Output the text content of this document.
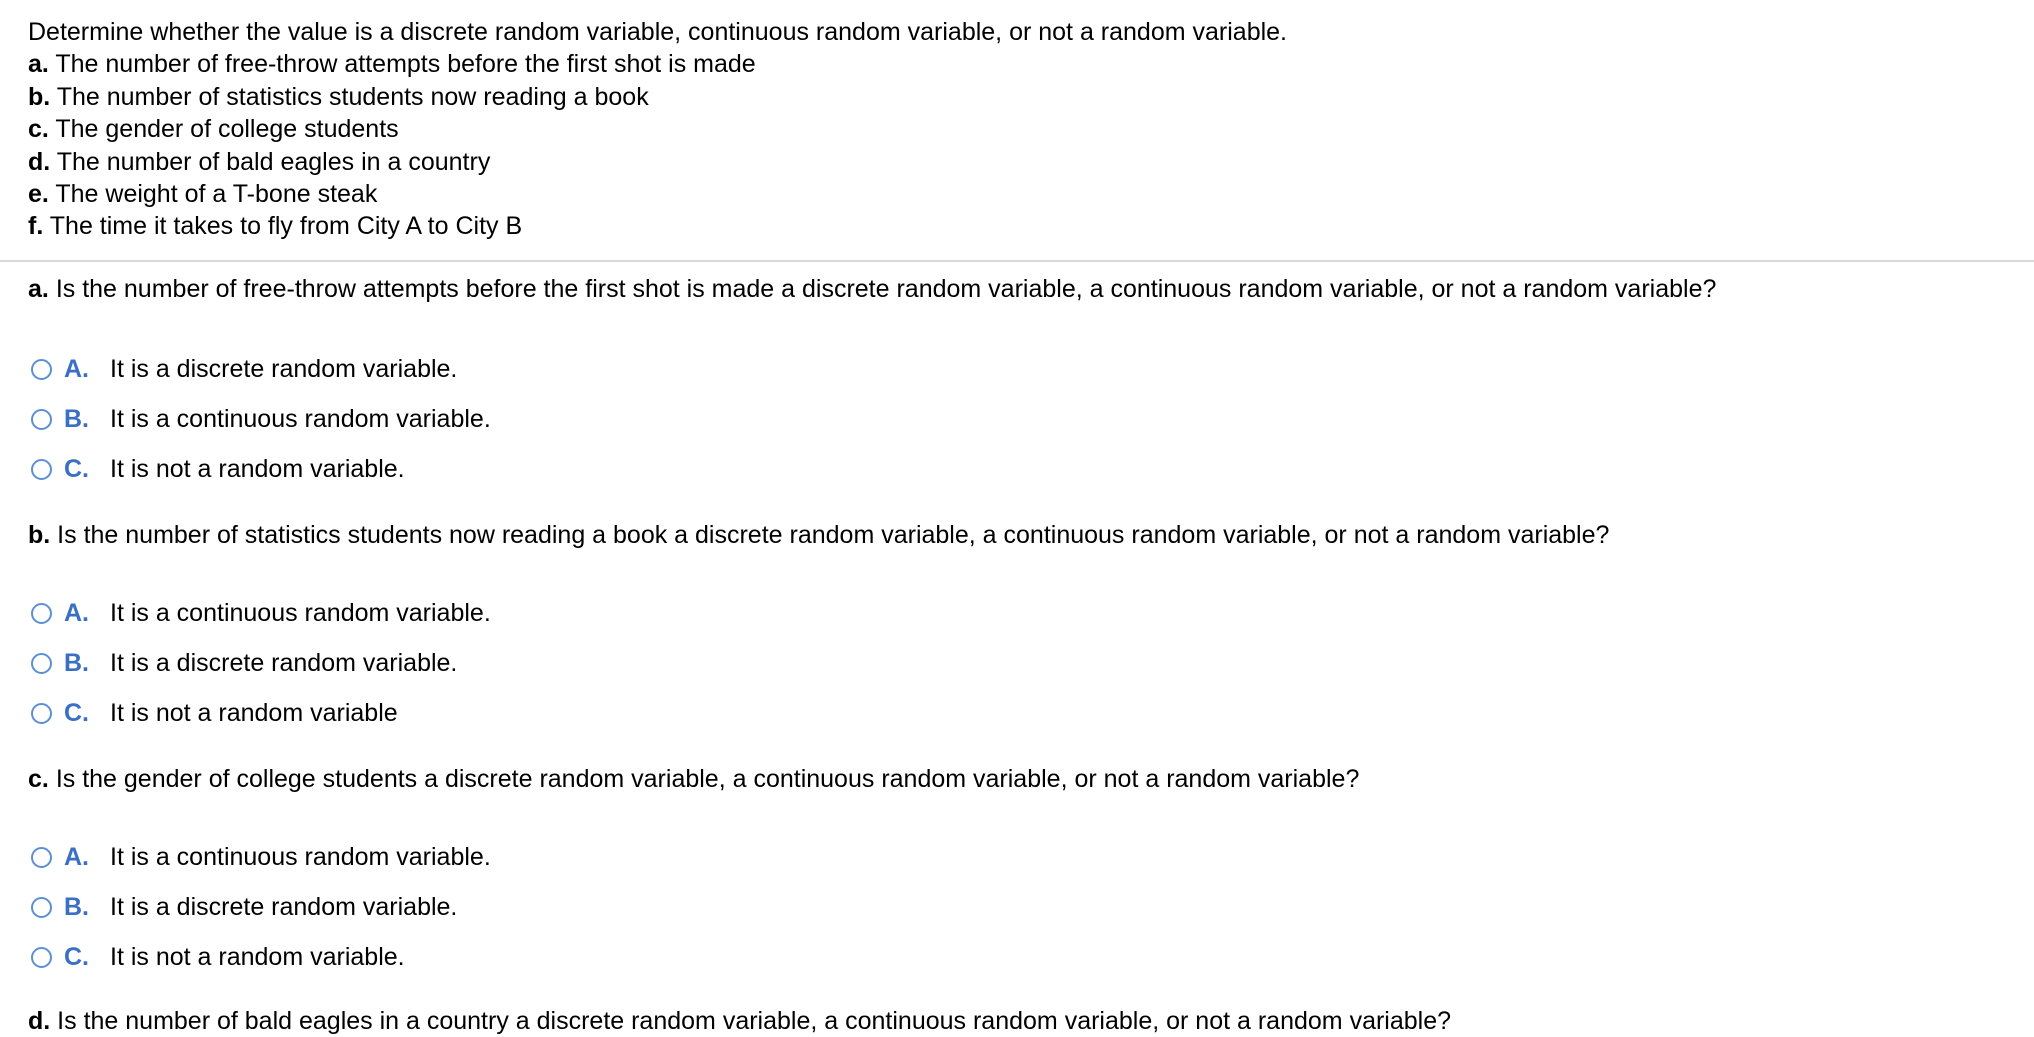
Determine whether the value is a discrete random variable, continuous random variable, or not a random variable.
a. The number of free-throw attempts before the first shot is made
b. The number of statistics students now reading a book
c. The gender of college students
d. The number of bald eagles in a country
e. The weight of a T-bone steak
f. The time it takes to fly from City A to City B
a. Is the number of free-throw attempts before the first shot is made a discrete random variable, a continuous random variable, or not a random variable?
A. It is a discrete random variable.
B. It is a continuous random variable.
C. It is not a random variable.
b. Is the number of statistics students now reading a book a discrete random variable, a continuous random variable, or not a random variable?
A. It is a continuous random variable.
B. It is a discrete random variable.
C. It is not a random variable
c. Is the gender of college students a discrete random variable, a continuous random variable, or not a random variable?
A. It is a continuous random variable.
B. It is a discrete random variable.
C. It is not a random variable.
d. Is the number of bald eagles in a country a discrete random variable, a continuous random variable, or not a random variable?
